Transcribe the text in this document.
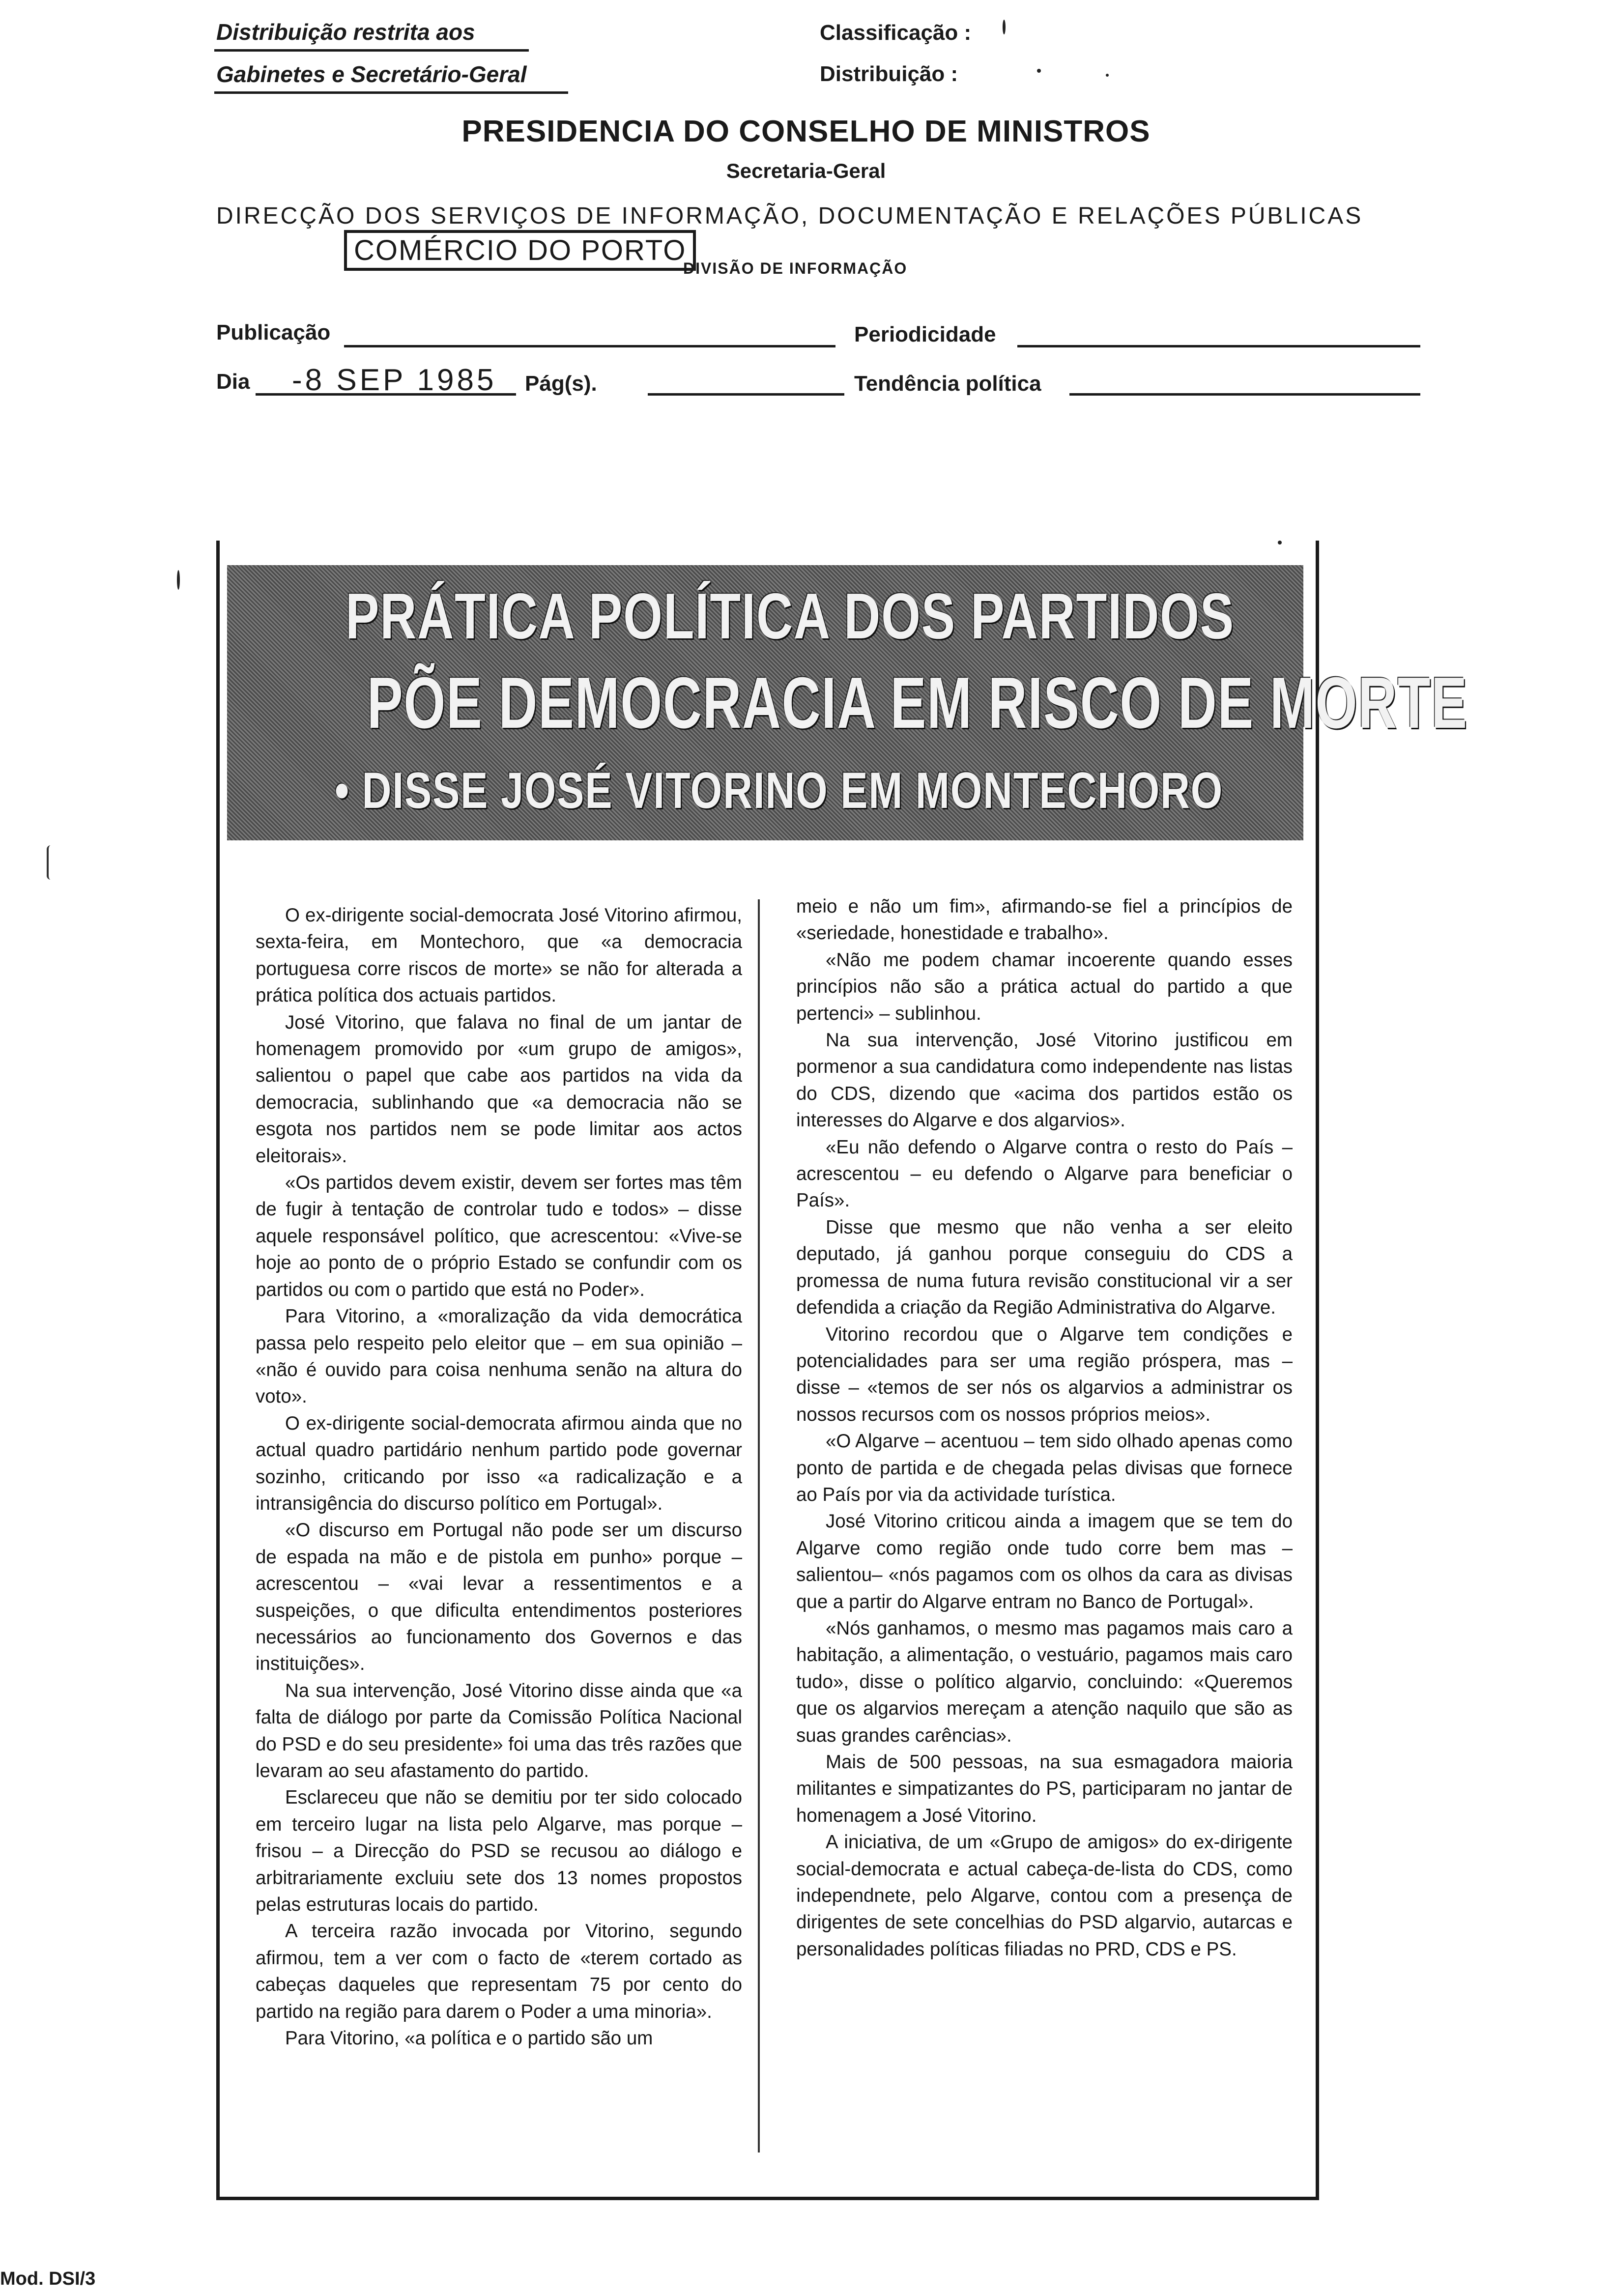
Distribuição restrita aos
Gabinetes e Secretário-Geral
Classificação :
Distribuição :
PRESIDENCIA DO CONSELHO DE MINISTROS
Secretaria-Geral
DIRECÇÃO DOS SERVIÇOS DE INFORMAÇÃO, DOCUMENTAÇÃO E RELAÇÕES PÚBLICAS
COMÉRCIO DO PORTO
DIVISÃO DE INFORMAÇÃO
Publicação	Periodicidade
Dia -8 SEP 1985 Pág(s).	Tendência política
PRÁTICA POLÍTICA DOS PARTIDOS
PÕE DEMOCRACIA EM RISCO DE MORTE
• DISSE JOSÉ VITORINO EM MONTECHORO

O ex-dirigente social-democrata José Vitorino afirmou, sexta-feira, em Montechoro, que «a democracia portuguesa corre riscos de morte» se não for alterada a prática política dos actuais partidos.

José Vitorino, que falava no final de um jantar de homenagem promovido por «um grupo de amigos», salientou o papel que cabe aos partidos na vida da democracia, sublinhando que «a democracia não se esgota nos partidos nem se pode limitar aos actos eleitorais».

«Os partidos devem existir, devem ser fortes mas têm de fugir à tentação de controlar tudo e todos» – disse aquele responsável político, que acrescentou: «Vive-se hoje ao ponto de o próprio Estado se confundir com os partidos ou com o partido que está no Poder».

Para Vitorino, a «moralização da vida democrática passa pelo respeito pelo eleitor que – em sua opinião – «não é ouvido para coisa nenhuma senão na altura do voto».

O ex-dirigente social-democrata afirmou ainda que no actual quadro partidário nenhum partido pode governar sozinho, criticando por isso «a radicalização e a intransigência do discurso político em Portugal».

«O discurso em Portugal não pode ser um discurso de espada na mão e de pistola em punho» porque – acrescentou – «vai levar a ressentimentos e a suspeições, o que dificulta entendimentos posteriores necessários ao funcionamento dos Governos e das instituições».

Na sua intervenção, José Vitorino disse ainda que «a falta de diálogo por parte da Comissão Política Nacional do PSD e do seu presidente» foi uma das três razões que levaram ao seu afastamento do partido.

Esclareceu que não se demitiu por ter sido colocado em terceiro lugar na lista pelo Algarve, mas porque – frisou – a Direcção do PSD se recusou ao diálogo e arbitrariamente excluiu sete dos 13 nomes propostos pelas estruturas locais do partido.

A terceira razão invocada por Vitorino, segundo afirmou, tem a ver com o facto de «terem cortado as cabeças daqueles que representam 75 por cento do partido na região para darem o Poder a uma minoria».

Para Vitorino, «a política e o partido são um

meio e não um fim», afirmando-se fiel a princípios de «seriedade, honestidade e trabalho».

«Não me podem chamar incoerente quando esses princípios não são a prática actual do partido a que pertenci» – sublinhou.

Na sua intervenção, José Vitorino justificou em pormenor a sua candidatura como independente nas listas do CDS, dizendo que «acima dos partidos estão os interesses do Algarve e dos algarvios».

«Eu não defendo o Algarve contra o resto do País – acrescentou – eu defendo o Algarve para beneficiar o País».

Disse que mesmo que não venha a ser eleito deputado, já ganhou porque conseguiu do CDS a promessa de numa futura revisão constitucional vir a ser defendida a criação da Região Administrativa do Algarve.

Vitorino recordou que o Algarve tem condições e potencialidades para ser uma região próspera, mas – disse – «temos de ser nós os algarvios a administrar os nossos recursos com os nossos próprios meios».

«O Algarve – acentuou – tem sido olhado apenas como ponto de partida e de chegada pelas divisas que fornece ao País por via da actividade turística.

José Vitorino criticou ainda a imagem que se tem do Algarve como região onde tudo corre bem mas – salientou– «nós pagamos com os olhos da cara as divisas que a partir do Algarve entram no Banco de Portugal».

«Nós ganhamos, o mesmo mas pagamos mais caro a habitação, a alimentação, o vestuário, pagamos mais caro tudo», disse o político algarvio, concluindo: «Queremos que os algarvios mereçam a atenção naquilo que são as suas grandes carências».

Mais de 500 pessoas, na sua esmagadora maioria militantes e simpatizantes do PS, participaram no jantar de homenagem a José Vitorino.

A iniciativa, de um «Grupo de amigos» do ex-dirigente social-democrata e actual cabeça-de-lista do CDS, como independnete, pelo Algarve, contou com a presença de dirigentes de sete concelhias do PSD algarvio, autarcas e personalidades políticas filiadas no PRD, CDS e PS.

Mod. DSI/3
